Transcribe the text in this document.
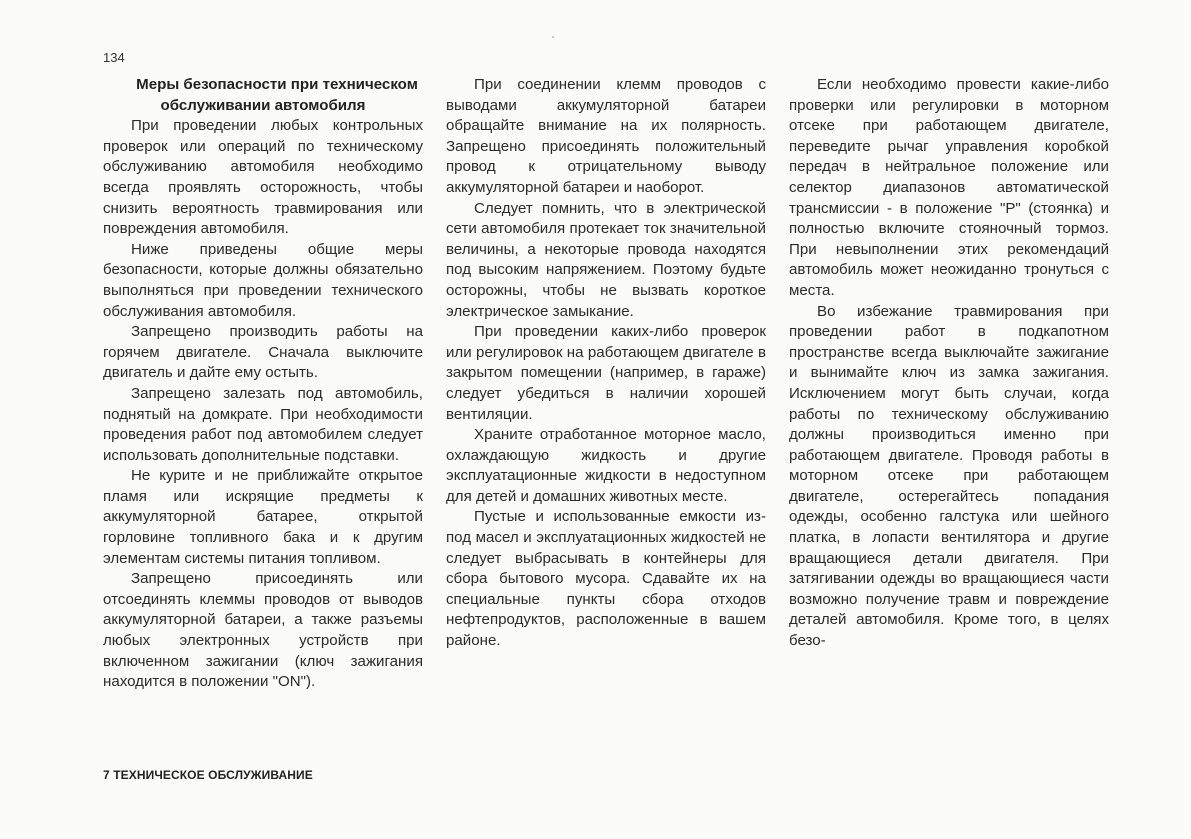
134

Меры безопасности при техническом обслуживании автомобиля

При проведении любых контрольных проверок или операций по техническому обслуживанию автомобиля необходимо всегда проявлять осторожность, чтобы снизить вероятность травмирования или повреждения автомобиля.

Ниже приведены общие меры безопасности, которые должны обязательно выполняться при проведении технического обслуживания автомобиля.

Запрещено производить работы на горячем двигателе. Сначала выключите двигатель и дайте ему остыть.

Запрещено залезать под автомобиль, поднятый на домкрате. При необходимости проведения работ под автомобилем следует использовать дополнительные подставки.

Не курите и не приближайте открытое пламя или искрящие предметы к аккумуляторной батарее, открытой горловине топливного бака и к другим элементам системы питания топливом.

Запрещено присоединять или отсоединять клеммы проводов от выводов аккумуляторной батареи, а также разъемы любых электронных устройств при включенном зажигании (ключ зажигания находится в положении "ON").

При соединении клемм проводов с выводами аккумуляторной батареи обращайте внимание на их полярность. Запрещено присоединять положительный провод к отрицательному выводу аккумуляторной батареи и наоборот.

Следует помнить, что в электрической сети автомобиля протекает ток значительной величины, а некоторые провода находятся под высоким напряжением. Поэтому будьте осторожны, чтобы не вызвать короткое электрическое замыкание.

При проведении каких-либо проверок или регулировок на работающем двигателе в закрытом помещении (например, в гараже) следует убедиться в наличии хорошей вентиляции.

Храните отработанное моторное масло, охлаждающую жидкость и другие эксплуатационные жидкости в недоступном для детей и домашних животных месте.

Пустые и использованные емкости из-под масел и эксплуатационных жидкостей не следует выбрасывать в контейнеры для сбора бытового мусора. Сдавайте их на специальные пункты сбора отходов нефтепродуктов, расположенные в вашем районе.

Если необходимо провести какие-либо проверки или регулировки в моторном отсеке при работающем двигателе, переведите рычаг управления коробкой передач в нейтральное положение или селектор диапазонов автоматической трансмиссии - в положение "P" (стоянка) и полностью включите стояночный тормоз. При невыполнении этих рекомендаций автомобиль может неожиданно тронуться с места.

Во избежание травмирования при проведении работ в подкапотном пространстве всегда выключайте зажигание и вынимайте ключ из замка зажигания. Исключением могут быть случаи, когда работы по техническому обслуживанию должны производиться именно при работающем двигателе. Проводя работы в моторном отсеке при работающем двигателе, остерегайтесь попадания одежды, особенно галстука или шейного платка, в лопасти вентилятора и другие вращающиеся детали двигателя. При затягивании одежды во вращающиеся части возможно получение травм и повреждение деталей автомобиля. Кроме того, в целях безо-

7 ТЕХНИЧЕСКОЕ ОБСЛУЖИВАНИЕ
